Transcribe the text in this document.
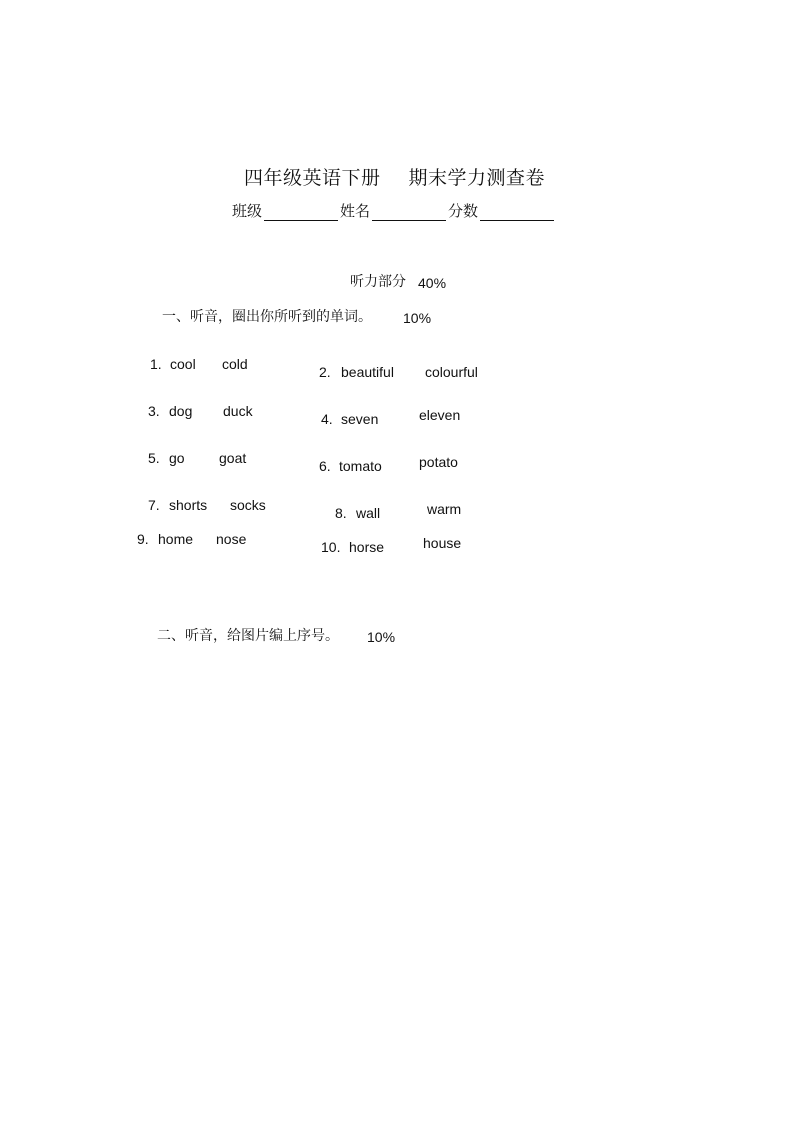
四年级英语下册 期末学力测查卷
班级	姓名	分数
听力部分 40%
一、听音，圈出你所听到的单词。 10%
1. cool cold	2. beautiful colourful
3. dog duck	4. seven	eleven
5. go goat	6. tomato	potato
7. shorts socks	8. wall	warm
9. home nose	10. horse	house
二、听音，给图片编上序号。 10%
